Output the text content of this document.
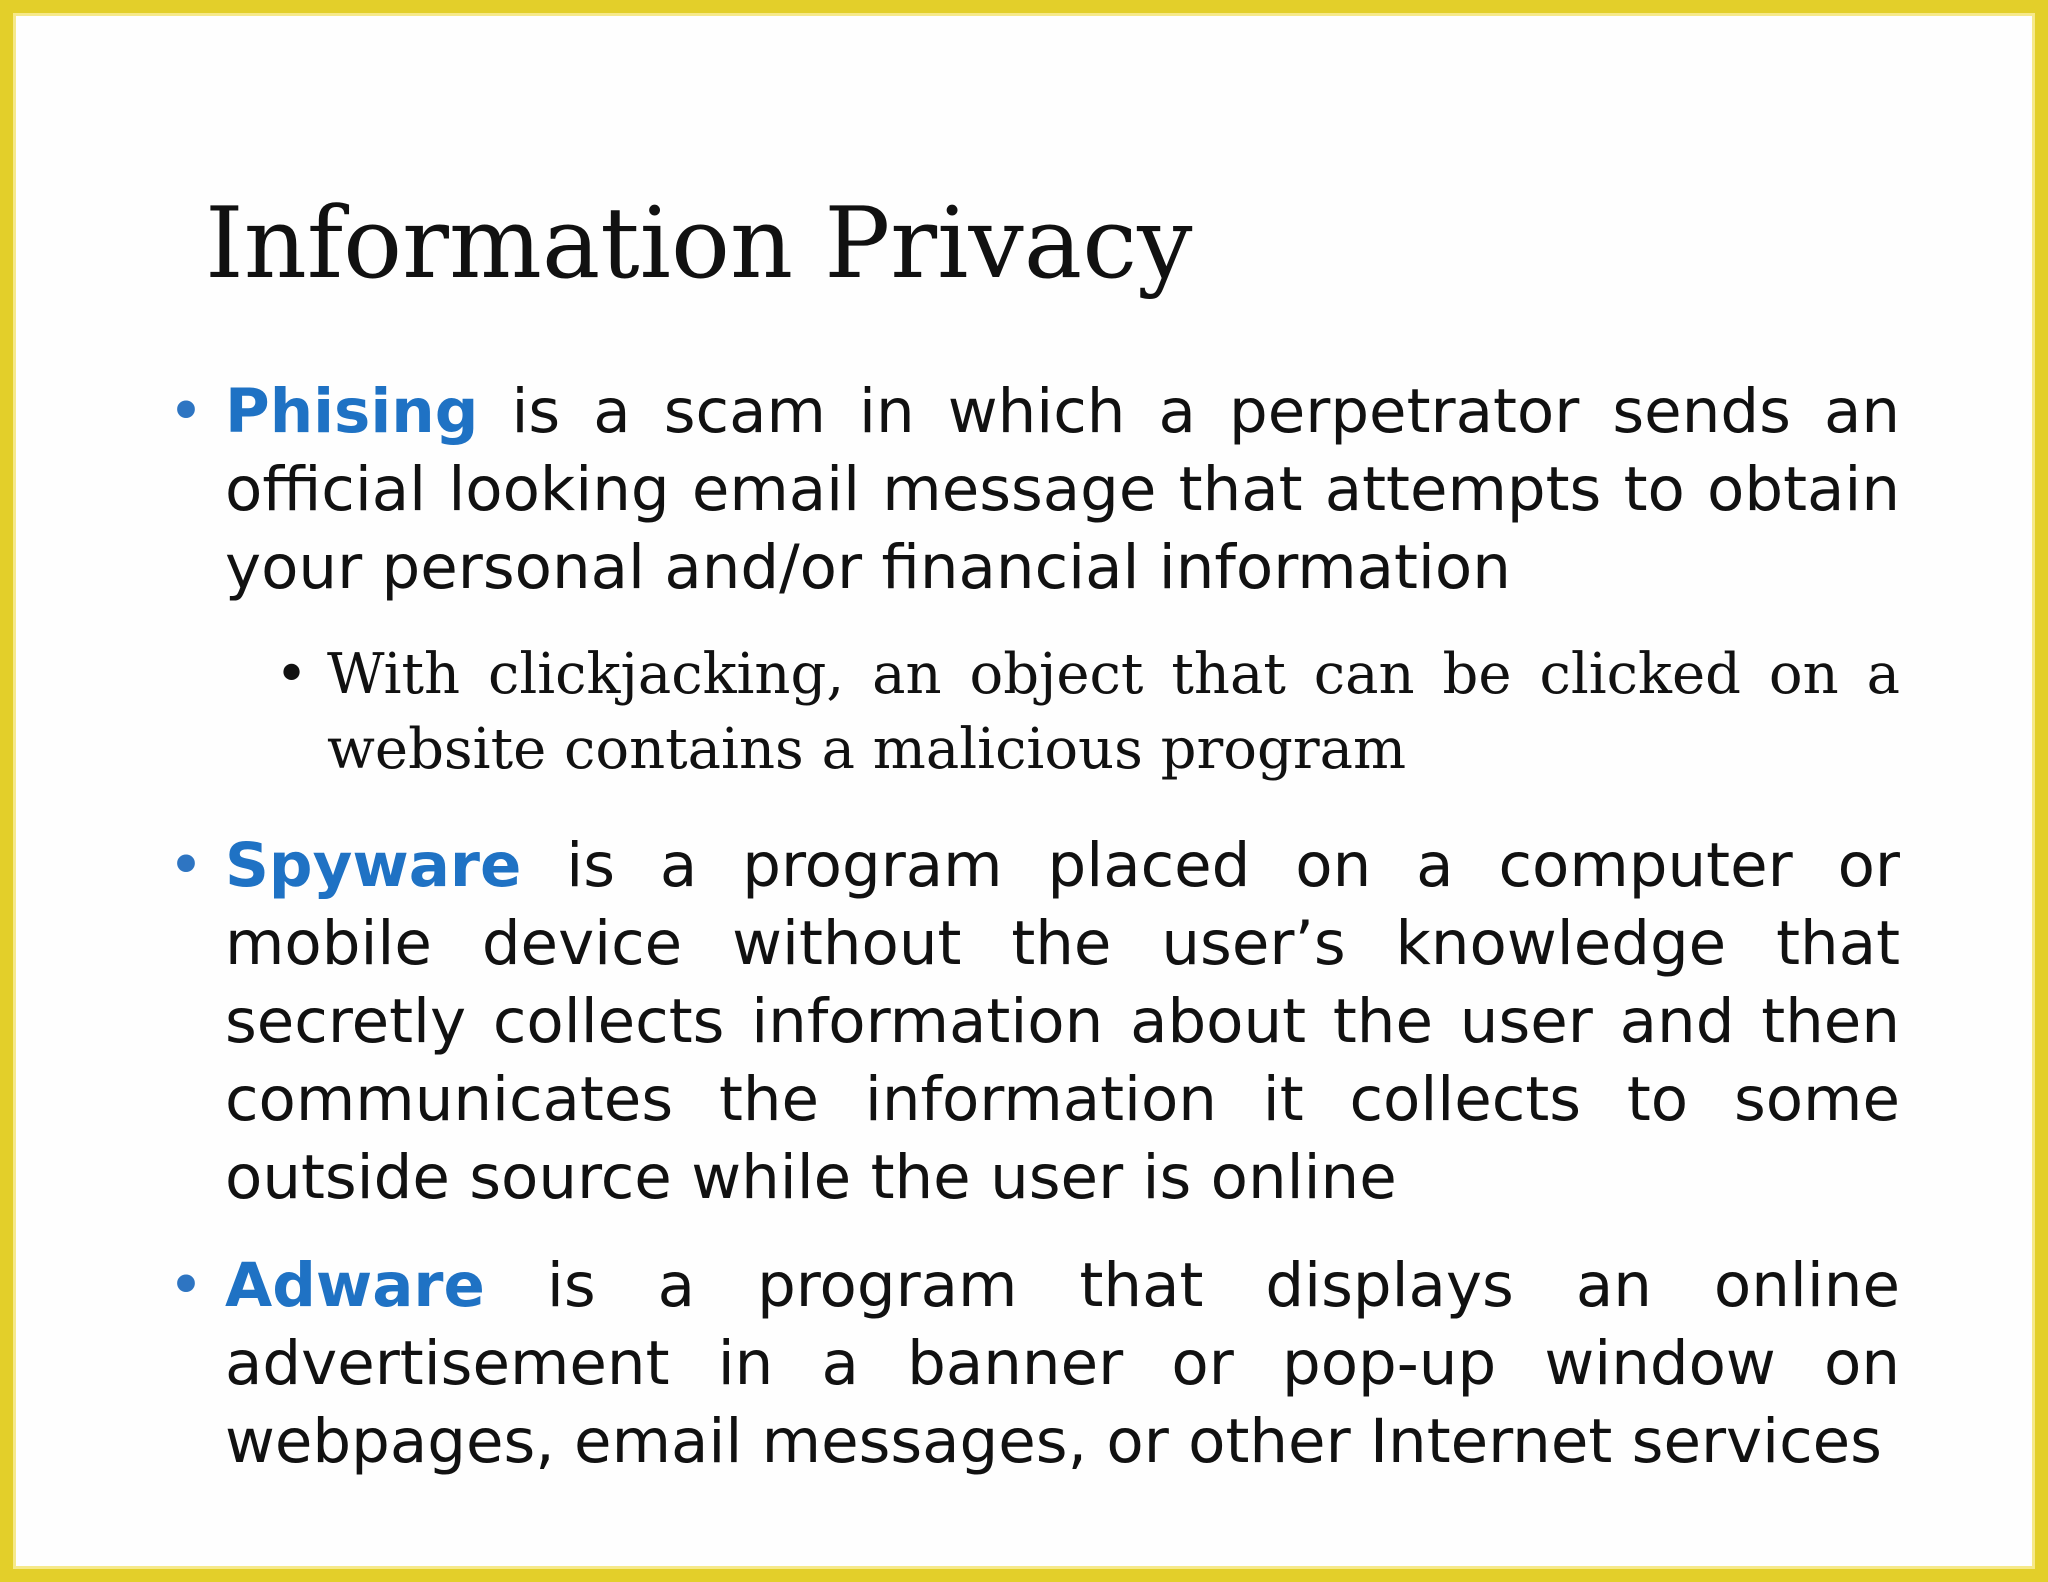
Information Privacy

• Phising is a scam in which a perpetrator sends an official looking email message that attempts to obtain your personal and/or financial information

• With clickjacking, an object that can be clicked on a website contains a malicious program

• Spyware is a program placed on a computer or mobile device without the user’s knowledge that secretly collects information about the user and then communicates the information it collects to some outside source while the user is online

• Adware is a program that displays an online advertisement in a banner or pop-up window on webpages, email messages, or other Internet services
